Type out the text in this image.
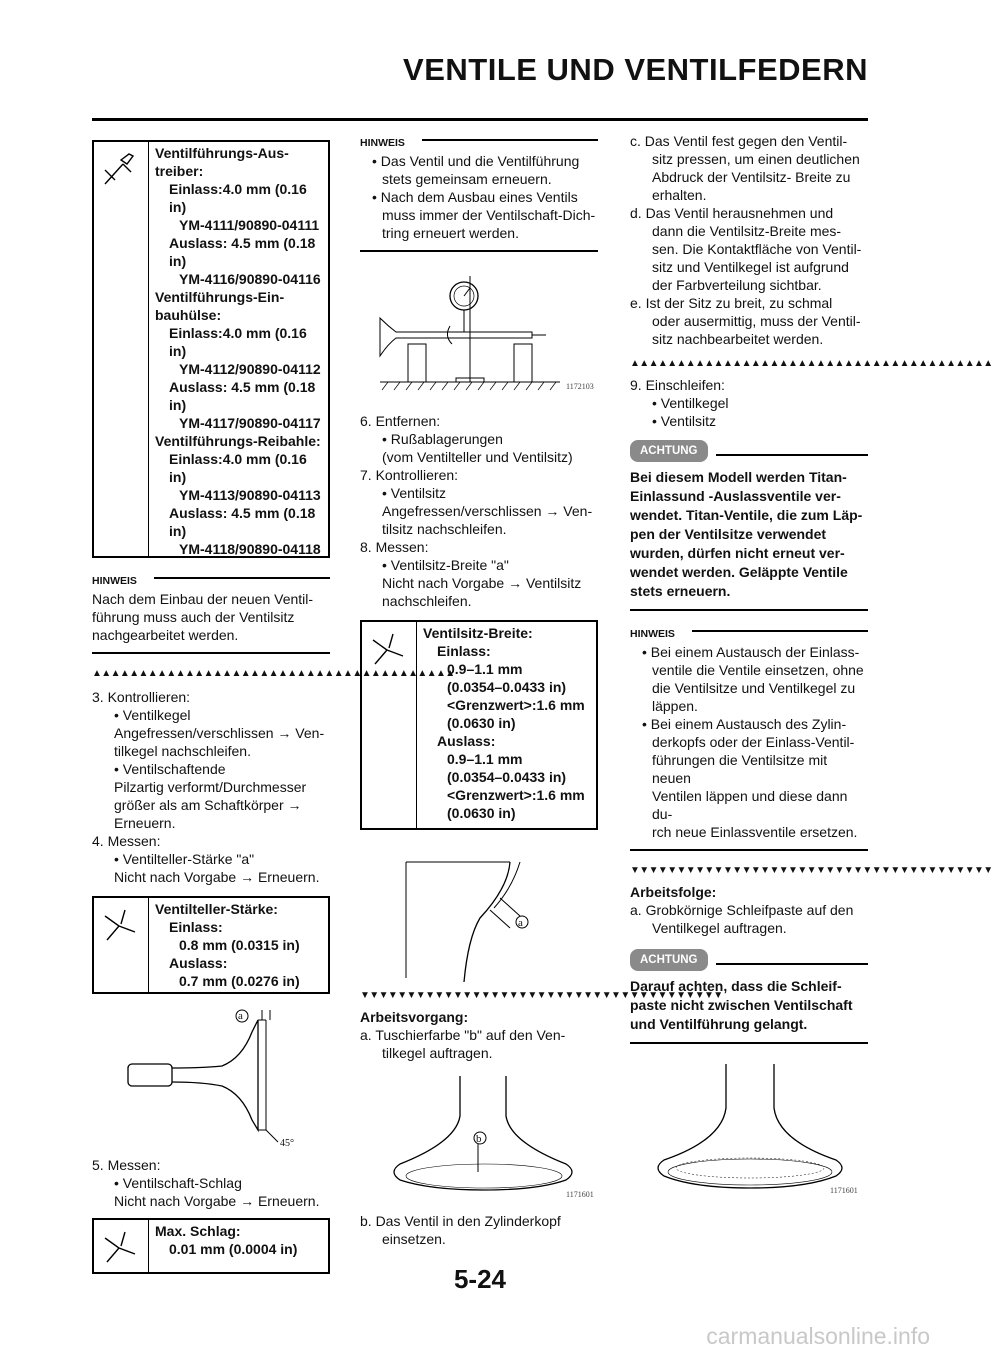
VENTILE UND VENTILFEDERN
Ventilführungs-Aus-
treiber:
Einlass:4.0 mm (0.16
in)
YM-4111/90890-04111
Auslass: 4.5 mm (0.18
in)
YM-4116/90890-04116
Ventilführungs-Ein-
bauhülse:
Einlass:4.0 mm (0.16
in)
YM-4112/90890-04112
Auslass: 4.5 mm (0.18
in)
YM-4117/90890-04117
Ventilführungs-Reibahle:
Einlass:4.0 mm (0.16
in)
YM-4113/90890-04113
Auslass: 4.5 mm (0.18
in)
YM-4118/90890-04118
HINWEIS
Nach dem Einbau der neuen Ventil-
führung muss auch der Ventilsitz
nachgearbeitet werden.
▲▲▲▲▲▲▲▲▲▲▲▲▲▲▲▲▲▲▲▲▲▲▲▲▲▲▲▲▲▲▲▲▲▲▲▲▲▲▲
3. Kontrollieren:
• Ventilkegel
Angefressen/verschlissen → Ven-
tilkegel nachschleifen.
• Ventilschaftende
Pilzartig verformt/Durchmesser
größer als am Schaftkörper →
Erneuern.
4. Messen:
• Ventilteller-Stärke "a"
Nicht nach Vorgabe → Erneuern.
Ventilteller-Stärke:
Einlass:
0.8 mm (0.0315 in)
Auslass:
0.7 mm (0.0276 in)
a
45°
5. Messen:
• Ventilschaft-Schlag
Nicht nach Vorgabe → Erneuern.
Max. Schlag:
0.01 mm (0.0004 in)
HINWEIS
• Das Ventil und die Ventilführung
stets gemeinsam erneuern.
• Nach dem Ausbau eines Ventils
muss immer der Ventilschaft-Dich-
tring erneuert werden.
1172103
6. Entfernen:
• Rußablagerungen
(vom Ventilteller und Ventilsitz)
7. Kontrollieren:
• Ventilsitz
Angefressen/verschlissen → Ven-
tilsitz nachschleifen.
8. Messen:
• Ventilsitz-Breite "a"
Nicht nach Vorgabe → Ventilsitz
nachschleifen.
Ventilsitz-Breite:
Einlass:
0.9–1.1 mm
(0.0354–0.0433 in)
<Grenzwert>:1.6 mm
(0.0630 in)
Auslass:
0.9–1.1 mm
(0.0354–0.0433 in)
<Grenzwert>:1.6 mm
(0.0630 in)
a
▼▼▼▼▼▼▼▼▼▼▼▼▼▼▼▼▼▼▼▼▼▼▼▼▼▼▼▼▼▼▼▼▼▼▼▼▼▼▼
Arbeitsvorgang:
a. Tuschierfarbe "b" auf den Ven-
tilkegel auftragen.
b
1171601
b. Das Ventil in den Zylinderkopf
einsetzen.
c. Das Ventil fest gegen den Ventil-
sitz pressen, um einen deutlichen
Abdruck der Ventilsitz- Breite zu
erhalten.
d. Das Ventil herausnehmen und
dann die Ventilsitz-Breite mes-
sen. Die Kontaktfläche von Ventil-
sitz und Ventilkegel ist aufgrund
der Farbverteilung sichtbar.
e. Ist der Sitz zu breit, zu schmal
oder ausermittig, muss der Ventil-
sitz nachbearbeitet werden.
▲▲▲▲▲▲▲▲▲▲▲▲▲▲▲▲▲▲▲▲▲▲▲▲▲▲▲▲▲▲▲▲▲▲▲▲▲▲▲
9. Einschleifen:
• Ventilkegel
• Ventilsitz
ACHTUNG
Bei diesem Modell werden Titan-
Einlassund -Auslassventile ver-
wendet. Titan-Ventile, die zum Läp-
pen der Ventilsitze verwendet
wurden, dürfen nicht erneut ver-
wendet werden. Geläppte Ventile
stets erneuern.
HINWEIS
• Bei einem Austausch der Einlass-
ventile die Ventile einsetzen, ohne
die Ventilsitze und Ventilkegel zu
läppen.
• Bei einem Austausch des Zylin-
derkopfs oder der Einlass-Ventil-
führungen die Ventilsitze mit neuen
Ventilen läppen und diese dann du-
rch neue Einlassventile ersetzen.
▼▼▼▼▼▼▼▼▼▼▼▼▼▼▼▼▼▼▼▼▼▼▼▼▼▼▼▼▼▼▼▼▼▼▼▼▼▼▼
Arbeitsfolge:
a. Grobkörnige Schleifpaste auf den
Ventilkegel auftragen.
ACHTUNG
Darauf achten, dass die Schleif-
paste nicht zwischen Ventilschaft
und Ventilführung gelangt.
1171601
5-24
carmanualsonline.info
